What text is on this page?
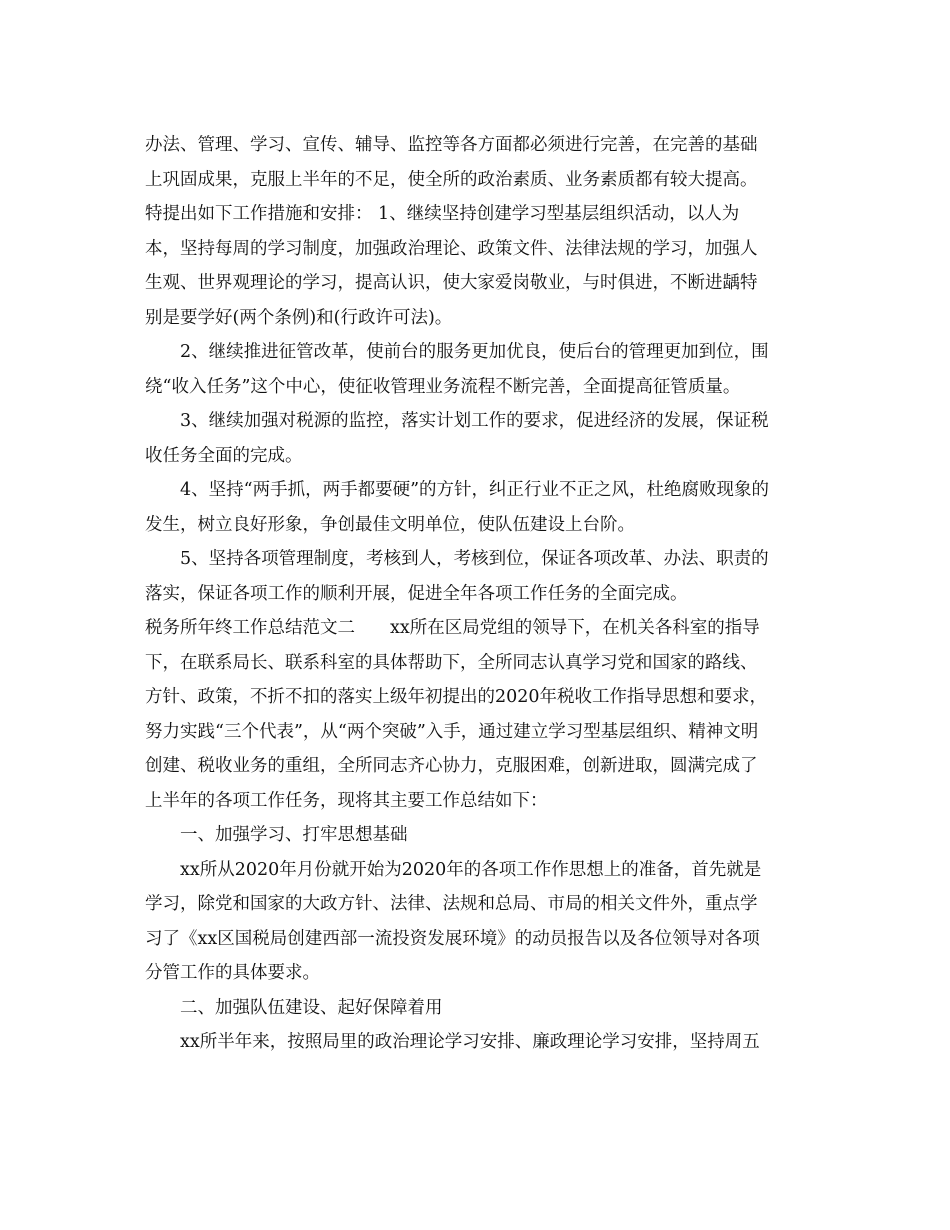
办法、管理、学习、宣传、辅导、监控等各方面都必须进行完善，在完善的基础
上巩固成果，克服上半年的不足，使全所的政治素质、业务素质都有较大提高。
特提出如下工作措施和安排： 1、继续坚持创建学习型基层组织活动，以人为
本，坚持每周的学习制度，加强政治理论、政策文件、法律法规的学习，加强人
生观、世界观理论的学习，提高认识，使大家爱岗敬业，与时俱进，不断进龋特
别是要学好(两个条例)和(行政许可法)。

2、继续推进征管改革，使前台的服务更加优良，使后台的管理更加到位，围
绕“收入任务”这个中心，使征收管理业务流程不断完善，全面提高征管质量。

3、继续加强对税源的监控，落实计划工作的要求，促进经济的发展，保证税
收任务全面的完成。

4、坚持“两手抓，两手都要硬”的方针，纠正行业不正之风，杜绝腐败现象的
发生，树立良好形象，争创最佳文明单位，使队伍建设上台阶。

5、坚持各项管理制度，考核到人，考核到位，保证各项改革、办法、职责的
落实，保证各项工作的顺利开展，促进全年各项工作任务的全面完成。

税务所年终工作总结范文二　　xx所在区局党组的领导下，在机关各科室的指导
下，在联系局长、联系科室的具体帮助下，全所同志认真学习党和国家的路线、
方针、政策，不折不扣的落实上级年初提出的2020年税收工作指导思想和要求，
努力实践“三个代表”，从“两个突破”入手，通过建立学习型基层组织、精神文明
创建、税收业务的重组，全所同志齐心协力，克服困难，创新进取，圆满完成了
上半年的各项工作任务，现将其主要工作总结如下：

一、加强学习、打牢思想基础

xx所从2020年月份就开始为2020年的各项工作作思想上的准备，首先就是
学习，除党和国家的大政方针、法律、法规和总局、市局的相关文件外，重点学
习了《xx区国税局创建西部一流投资发展环境》的动员报告以及各位领导对各项
分管工作的具体要求。

二、加强队伍建设、起好保障着用

xx所半年来，按照局里的政治理论学习安排、廉政理论学习安排，坚持周五
